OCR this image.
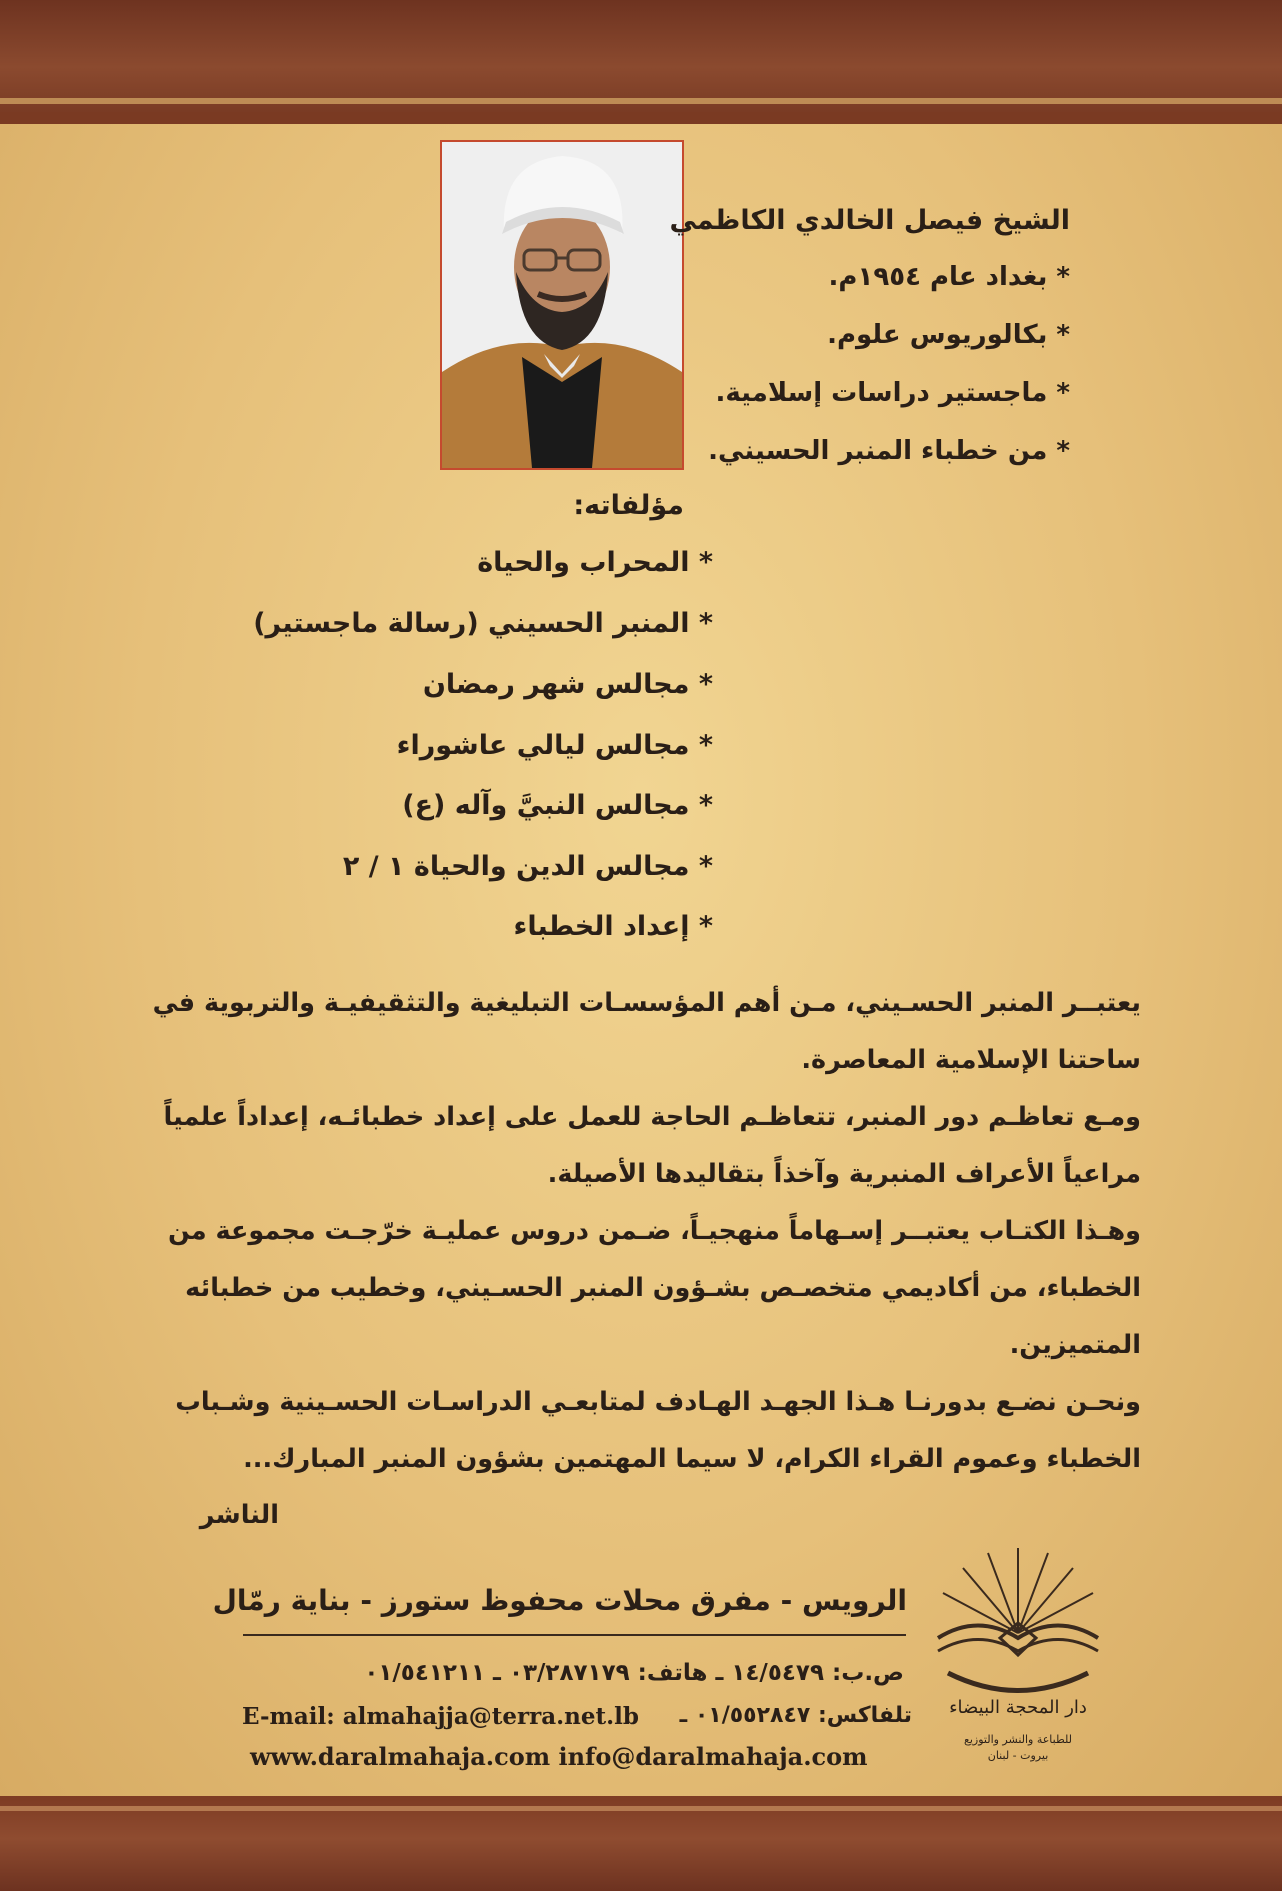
الشيخ فيصل الخالدي الكاظمي
* بغداد عام ١٩٥٤م.
* بكالوريوس علوم.
* ماجستير دراسات إسلامية.
* من خطباء المنبر الحسيني.
مؤلفاته:
* المحراب والحياة
* المنبر الحسيني (رسالة ماجستير)
* مجالس شهر رمضان
* مجالس ليالي عاشوراء
* مجالس النبيَّ وآله (ع)
* مجالس الدين والحياة ١ / ٢
* إعداد الخطباء
يعتبــر المنبر الحسـيني، مـن أهم المؤسسـات التبليغية والتثقيفيـة والتربوية في
ساحتنا الإسلامية المعاصرة.
ومـع تعاظـم دور المنبر، تتعاظـم الحاجة للعمل على إعداد خطبائـه، إعداداً علمياً
مراعياً الأعراف المنبرية وآخذاً بتقاليدها الأصيلة.
وهـذا الكتـاب يعتبــر إسـهاماً منهجيـاً، ضـمن دروس عمليـة خرّجـت مجموعة من
الخطباء، من أكاديمي متخصـص بشـؤون المنبر الحسـيني، وخطيب من خطبائه
المتميزين.
ونحـن نضـع بدورنـا هـذا الجهـد الهـادف لمتابعـي الدراسـات الحسـينية وشـباب
الخطباء وعموم القراء الكرام، لا سيما المهتمين بشؤون المنبر المبارك...
الناشر
الرويس - مفرق محلات محفوظ ستورز - بناية رمّال
ص.ب: ١٤/٥٤٧٩ ـ هاتف: ٠٣/٢٨٧١٧٩ ـ ٠١/٥٤١٢١١
E-mail: almahajja@terra.net.lb تلفاكس: ٠١/٥٥٢٨٤٧ ـ
www.daralmahaja.com info@daralmahaja.com
دار المحجة البيضاء
للطباعة والنشر والتوزيع
بيروت - لبنان
